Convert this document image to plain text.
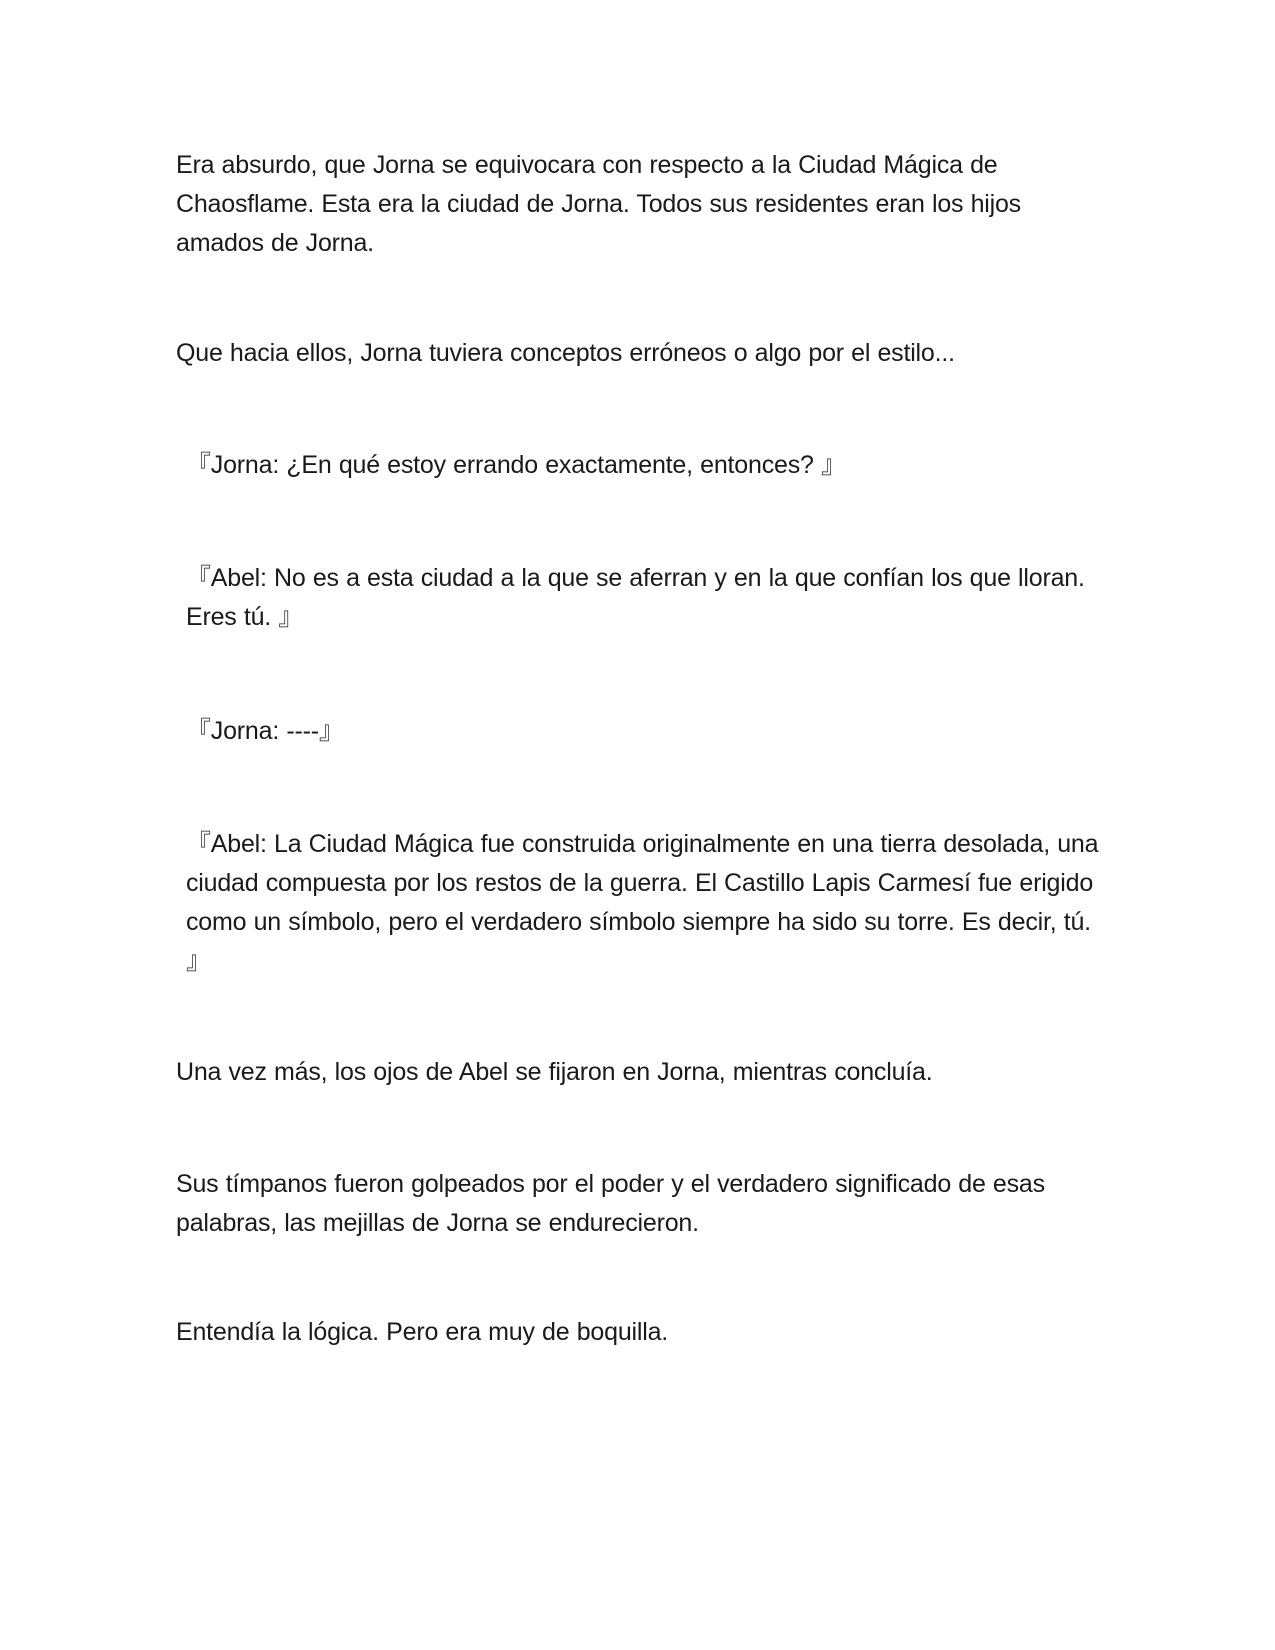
Era absurdo, que Jorna se equivocara con respecto a la Ciudad Mágica de Chaosflame. Esta era la ciudad de Jorna. Todos sus residentes eran los hijos amados de Jorna.

Que hacia ellos, Jorna tuviera conceptos erróneos o algo por el estilo...

『Jorna: ¿En qué estoy errando exactamente, entonces? 』

『Abel: No es a esta ciudad a la que se aferran y en la que confían los que lloran. Eres tú. 』

『Jorna: ----』

『Abel: La Ciudad Mágica fue construida originalmente en una tierra desolada, una ciudad compuesta por los restos de la guerra. El Castillo Lapis Carmesí fue erigido como un símbolo, pero el verdadero símbolo siempre ha sido su torre. Es decir, tú. 』

Una vez más, los ojos de Abel se fijaron en Jorna, mientras concluía.

Sus tímpanos fueron golpeados por el poder y el verdadero significado de esas palabras, las mejillas de Jorna se endurecieron.

Entendía la lógica. Pero era muy de boquilla.
